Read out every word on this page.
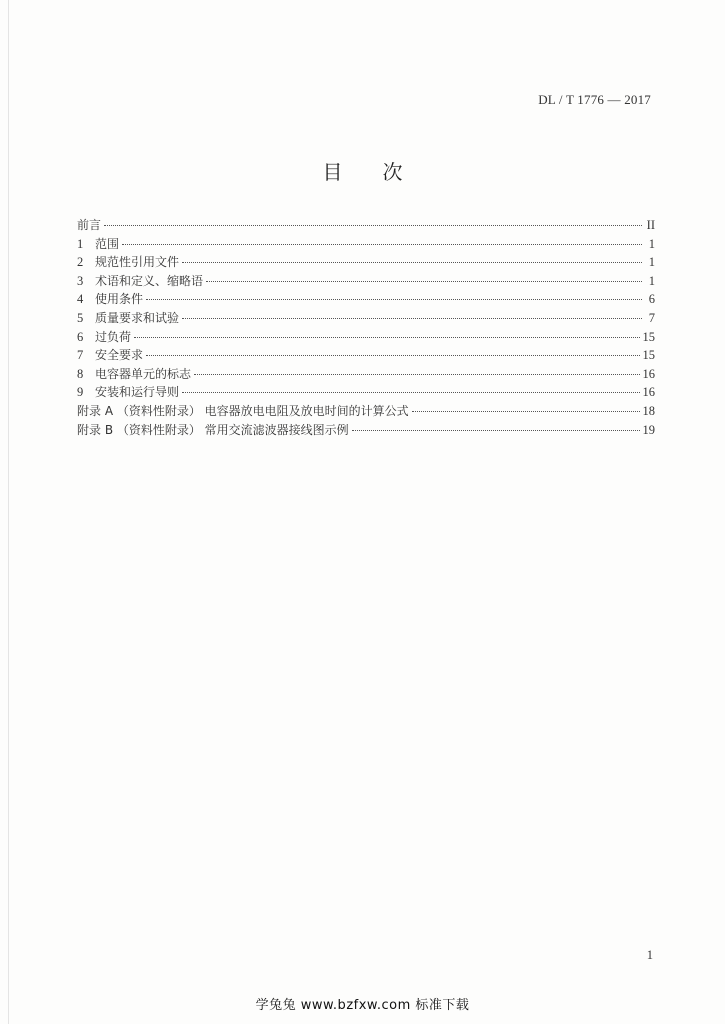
DL / T 1776 — 2017
目次
前言	II
1 范围	1
2 规范性引用文件	1
3 术语和定义、缩略语	1
4 使用条件	6
5 质量要求和试验	7
6 过负荷	15
7 安全要求	15
8 电容器单元的标志	16
9 安装和运行导则	16
附录 A （资料性附录） 电容器放电电阻及放电时间的计算公式	18
附录 B （资料性附录） 常用交流滤波器接线图示例	19
1
学兔兔 www.bzfxw.com 标准下载
